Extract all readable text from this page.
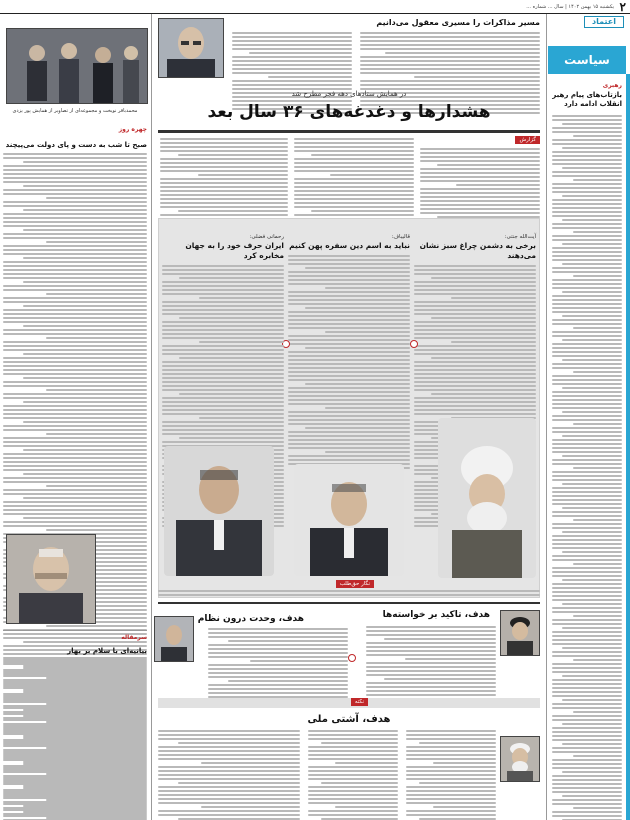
۲
یکشنبه ۱۵ بهمن ۱۴۰۲ | سال ... شماره ...
اعتماد
سیاست
رهبری
بازتاب‌های پیام رهبر انقلاب ادامه دارد
محمدباقر نوبخت و مجموعه‌ای از تصاویر از همایش پور‌ یزدی
چهره روز
صبح تا شب به دست و پای دولت می‌پیچند
سرمقاله
بیانیه‌ای با سلام بر بهار
مسیر مذاکرات را مسیری معقول می‌دانیم
در همایش ستادهای دهه فجر مطرح شد
هشدارها و دغدغه‌های ۳۶ سال بعد
گزارش
آیت‌الله جنتی:
برخی به دشمن چراغ سبز نشان می‌دهند
قالیباف:
نباید به اسم دین سفره پهن کنیم
رحمانی فضلی:
ایران حرف خود را به جهان مخابره کرد
نگار حق‌طلب
هدف، تاکید بر خواسته‌ها
هدف، وحدت درون نظام
نکته
هدف، آشتی ملی
